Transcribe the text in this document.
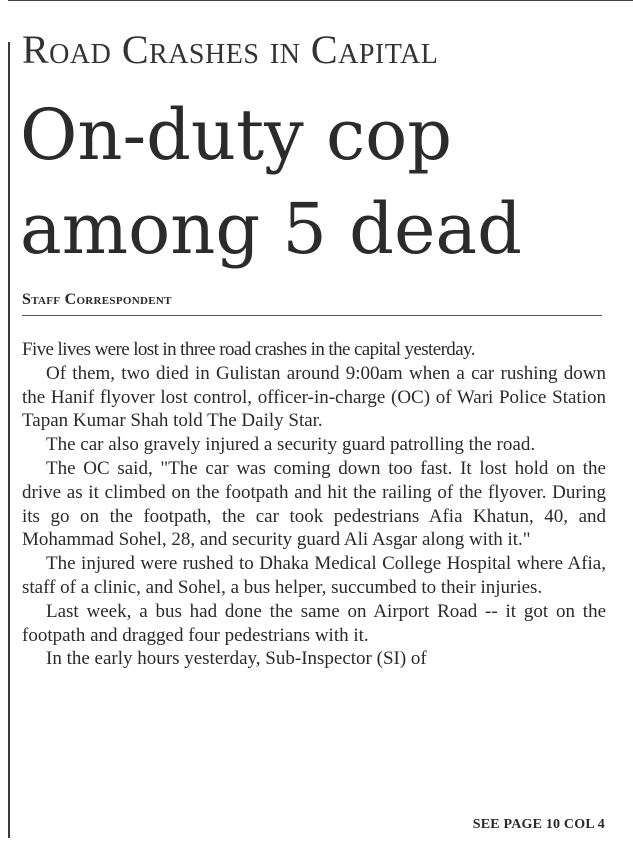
Road Crashes in Capital
On-duty cop among 5 dead
Staff Correspondent

Five lives were lost in three road crashes in the capital yesterday.

Of them, two died in Gulistan around 9:00am when a car rushing down the Hanif flyover lost control, officer-in-charge (OC) of Wari Police Station Tapan Kumar Shah told The Daily Star.

The car also gravely injured a security guard patrolling the road.

The OC said, "The car was coming down too fast. It lost hold on the drive as it climbed on the footpath and hit the railing of the flyover. During its go on the footpath, the car took pedestrians Afia Khatun, 40, and Mohammad Sohel, 28, and security guard Ali Asgar along with it."

The injured were rushed to Dhaka Medical College Hospital where Afia, staff of a clinic, and Sohel, a bus helper, succumbed to their injuries.

Last week, a bus had done the same on Airport Road -- it got on the footpath and dragged four pedestrians with it.

In the early hours yesterday, Sub-Inspector (SI) of

SEE PAGE 10 COL 4
